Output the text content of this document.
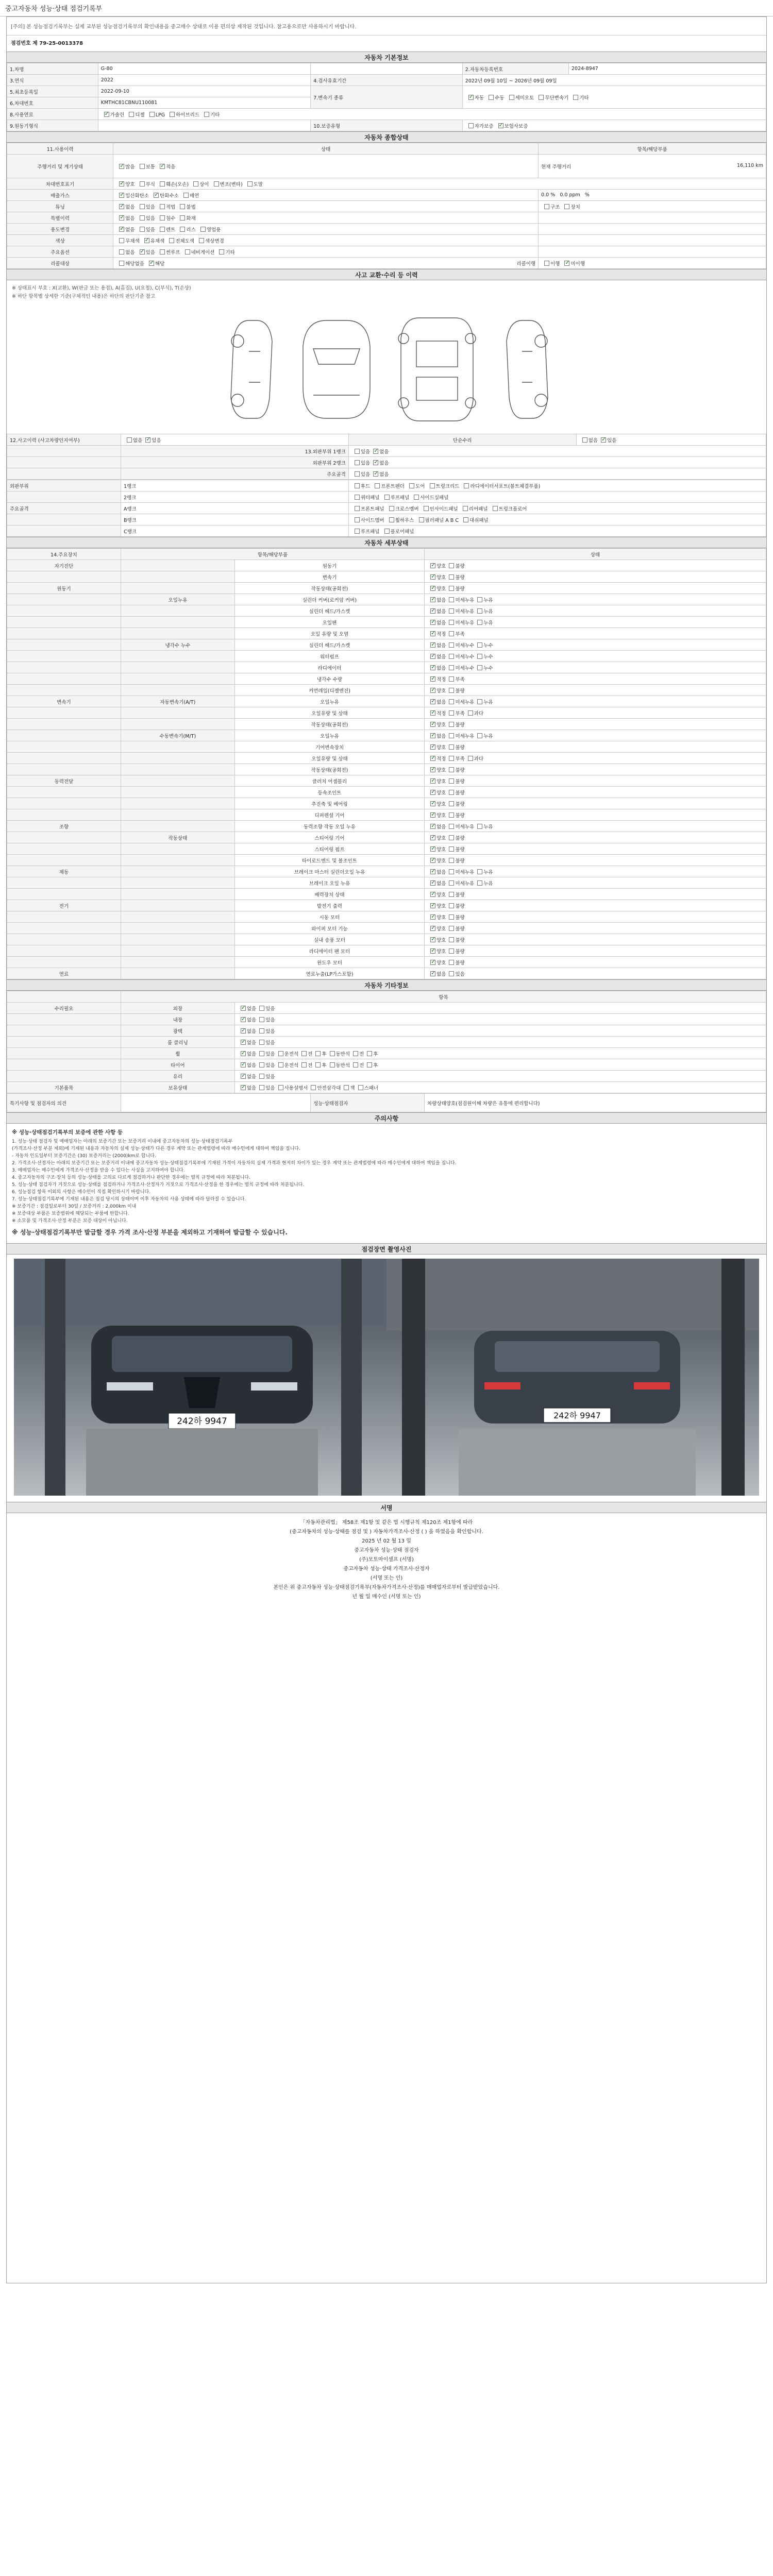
중고자동차 성능·상태 점검기록부
[주의] 본 성능점검기록부는 실제 교부된 성능점검기록부의 확인내용을 중고매수 상대로 이용 편의상 제작된 것입니다. 참고용으로만 사용하시기 바랍니다.
점검번호 제 79-25-0013378
자동차 기본정보
1.차명	G-80		2.자동차등록번호	2024-8947
3.연식	2022	4.검사유효기간	2022년 09월 10일 ~ 2026년 09월 09일	
5.최초등록일	2022-09-10	7.변속기 종류	✓자동 수동 세미오토 무단변속기 기타
6.차대번호	KMTHC81CBNU110081			
8.사용연료	✓가솔린 디젤 LPG 하이브리드 기타
9.원동기형식		10.보증유형	자가보증 ✓ 보험사보증
자동차 종합상태
11.사용이력	상태	항목/해당부품
주행거리 및 계기상태	✓많음 보통 ✓ 적음	현재 주행거리 16,110 km

차대번호표기	✓양호 부식 훼손(오손) 상이 변조(변타) 도말
배출가스	✓일산화탄소 ✓ 탄화수소 매연	0.0 % 0.0 ppm %
튜닝	✓없음 있음 적법 불법	구조 장치
특별이력	✓없음 있음 침수 화재	
용도변경	✓없음 있음 렌트 리스 영업용	
색상	무채색 ✓ 유채색 전체도색 색상변경	
주요옵션	없음 ✓ 있음 썬루프 네비게이션 기타	
리콜대상	해당없음 ✓ 해당 리콜이행	이행 ✓ 미이행
사고 교환·수리 등 이력
※ 상태표시 부호 : X(교환), W(판금 또는 용접), A(흠집), U(요철), C(부식), T(손상)
※ 하단 항목별 상세한 기준(구체적인 내용)은 하단의 판단기준 참고
12.사고이력 (사고차량인지여부)	없음 ✓ 있음	단순수리	없음 ✓ 있음
	13.외판부위 1랭크	있음 ✓ 없음
	외판부위 2랭크	있음 ✓ 없음
	주요골격	있음 ✓ 없음
외판부위	1랭크	후드 프론트펜더 도어 트렁크리드 라디에이터서포트(볼트체결부품)
	2랭크	쿼터패널 루프패널 사이드실패널
주요골격	A랭크	프론트패널 크로스멤버 인사이드패널 리어패널 트렁크플로어
	B랭크	사이드멤버 휠하우스 필러패널 A B C 대쉬패널
	C랭크	루프패널 플로어패널
자동차 세부상태
14.주요장치	항목/해당부품		상태
자기진단		원동기	✓양호 불량
		변속기	✓양호 불량
원동기		작동상태(공회전)	✓양호 불량
	오일누유	실린더 커버(로커암 커버)	✓없음 미세누유 누유
		실린더 헤드/가스켓	✓없음 미세누유 누유
		오일팬	✓없음 미세누유 누유
		오일 유량 및 오염	✓적정 부족
	냉각수 누수	실린더 헤드/가스켓	✓없음 미세누수 누수
		워터펌프	✓없음 미세누수 누수
		라디에이터	✓없음 미세누수 누수
		냉각수 수량	✓적정 부족
		커먼레일(디젤엔진)	✓양호 불량
변속기	자동변속기(A/T)	오일누유	✓없음 미세누유 누유
		오일유량 및 상태	✓적정 부족 과다
		작동상태(공회전)	✓양호 불량
	수동변속기(M/T)	오일누유	✓없음 미세누유 누유
		기어변속장치	✓양호 불량
		오일유량 및 상태	✓적정 부족 과다
		작동상태(공회전)	✓양호 불량
동력전달		클러치 어셈블리	✓양호 불량
		등속조인트	✓양호 불량
		추진축 및 베어링	✓양호 불량
		디퍼렌셜 기어	✓양호 불량
조향		동력조향 작동 오일 누유	✓없음 미세누유 누유
	작동상태	스티어링 기어	✓양호 불량
		스티어링 펌프	✓양호 불량
		타이로드엔드 및 볼조인트	✓양호 불량
제동		브레이크 마스터 실린더오일 누유	✓없음 미세누유 누유
		브레이크 오일 누유	✓없음 미세누유 누유
		배력장치 상태	✓양호 불량
전기		발전기 출력	✓양호 불량
		시동 모터	✓양호 불량
		와이퍼 모터 기능	✓양호 불량
		실내 송풍 모터	✓양호 불량
		라디에이터 팬 모터	✓양호 불량
		윈도우 모터	✓양호 불량
연료		연료누출(LP가스포함)	✓없음 있음
자동차 기타정보
	항목	
수리필요	외장	✓없음 있음
	내장	✓없음 있음
	광택	✓없음 있음
	룸 클리닝	✓없음 있음
	휠	✓없음 있음 운전석 전 후 동반석 전 후
	타이어	✓없음 있음 운전석 전 후 동반석 전 후
	유리	✓없음 있음
기본품목	보유상태	✓없음 있음 사용설명서 안전삼각대 잭 스패너
특기사항 및 점검자의 의견		성능·상태점검자	차량상태양호(점검원이해 차량은 유통에 편리합니다)
주의사항
※ 성능·상태점검기록부의 보증에 관한 사항 등
1. 성능·상태 점검자 및 매매업자는 아래의 보증기간 또는 보증거리 이내에 중고자동차의 성능·상태점검기록부
(가격조사·산정 부분 제외)에 기재된 내용과 자동차의 실제 성능·상태가 다른 경우 계약 또는 관계법령에 따라 매수인에게 대하여 책임을 집니다.
- 자동차 인도일부터 보증기간은 (30) 보증거리는 (2000)km로 합니다.
2. 가격조사·산정자는 아래의 보증기간 또는 보증거리 이내에 중고자동차 성능·상태점검기록부에 기재된 가격이 자동차의 실제 가격과 현저히 차이가 있는 경우 계약 또는 관계법령에 따라 매수인에게 대하여 책임을 집니다.
3. 매매업자는 매수인에게 가격조사·산정을 받을 수 있다는 사실을 고지하여야 합니다.
4. 중고자동차의 구조·장치 등의 성능·상태를 고의로 다르게 점검하거나 판단한 경우에는 벌칙 규정에 따라 처분됩니다.
5. 성능·상태 점검자가 거짓으로 성능·상태를 점검하거나 가격조사·산정자가 거짓으로 가격조사·산정을 한 경우에는 벌칙 규정에 따라 처분됩니다.
6. 성능점검 항목 이외의 사항은 매수인이 직접 확인하시기 바랍니다.
7. 성능·상태점검기록부에 기재된 내용은 점검 당시의 상태이며 이후 자동차의 사용 상태에 따라 달라질 수 있습니다.
※ 보증기간 : 점검일로부터 30일 / 보증거리 : 2,000km 이내
※ 보증대상 부품은 보증범위에 해당되는 부품에 한합니다.
※ 소모품 및 가격조사·산정 부분은 보증 대상이 아닙니다.
※ 성능·상태점검기록부만 발급할 경우 가격 조사·산정 부분을 제외하고 기재하여 발급할 수 있습니다.
점검장면 촬영사진
242하 9947
242하 9947
서명
「자동차관리법」 제58조 제1항 및 같은 법 시행규칙 제120조 제1항에 따라
(중고자동차의 성능·상태를 점검 및 ) 자동차가격조사·산정 ( ) 을 하였음을 확인합니다.
2025 년 02 월 13 일
중고자동차 성능·상태 점검자
(주)모토마이셀프 (서명)
중고자동차 성능·상태 가격조사·산정자
(서명 또는 인)
본인은 위 중고자동차 성능·상태점검기록부(자동차가격조사·산정)를 매매업자로부터 발급받았습니다.
년 월 일 매수인 (서명 또는 인)
